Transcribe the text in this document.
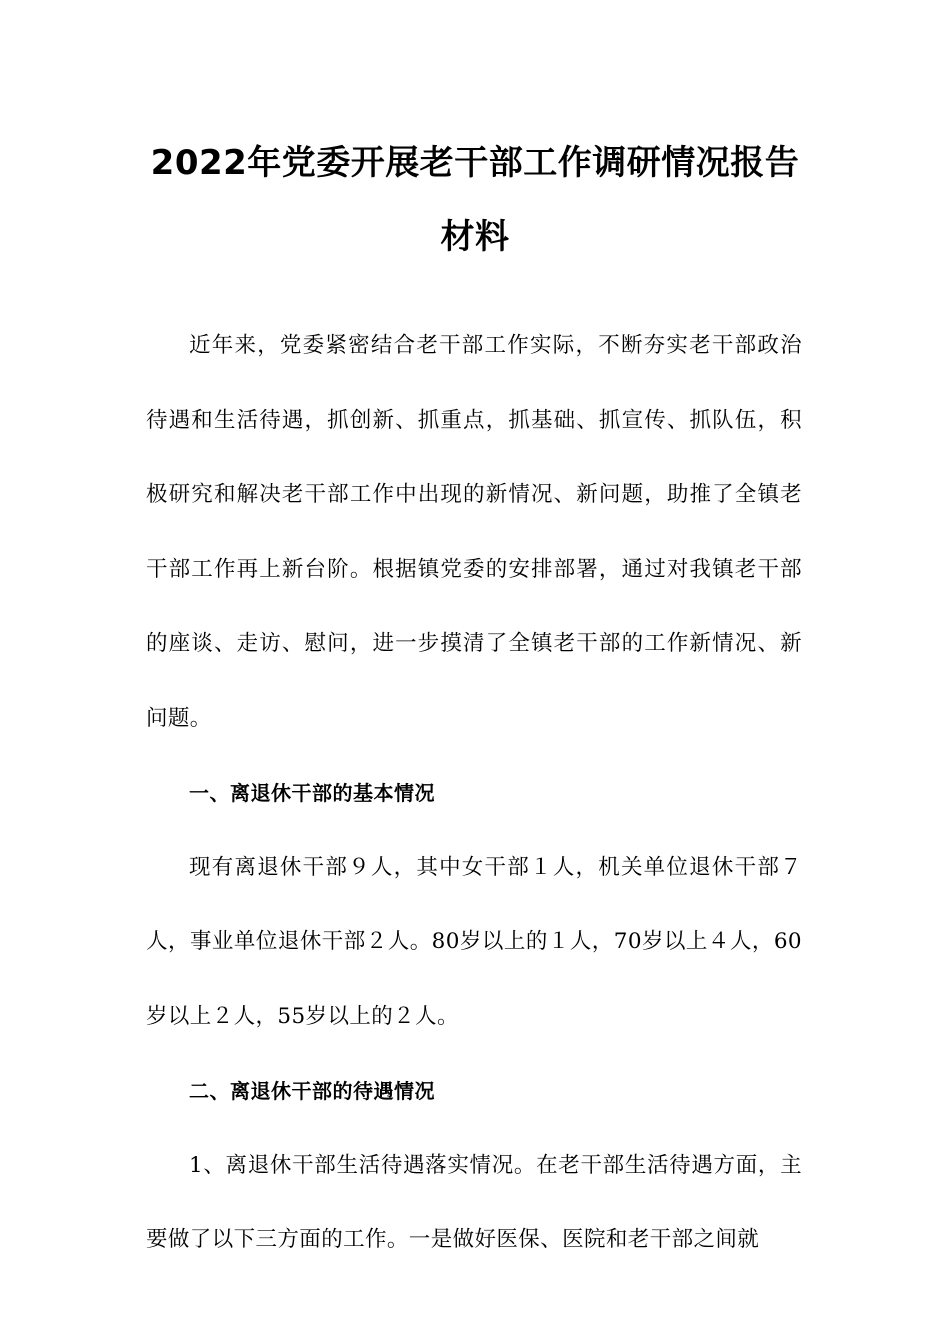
2022年党委开展老干部工作调研情况报告
材料

近年来，党委紧密结合老干部工作实际，不断夯实老干部政治待遇和生活待遇，抓创新、抓重点，抓基础、抓宣传、抓队伍，积极研究和解决老干部工作中出现的新情况、新问题，助推了全镇老干部工作再上新台阶。根据镇党委的安排部署，通过对我镇老干部的座谈、走访、慰问，进一步摸清了全镇老干部的工作新情况、新问题。

一、离退休干部的基本情况

现有离退休干部９人，其中女干部１人，机关单位退休干部７人，事业单位退休干部２人。80岁以上的１人，70岁以上４人，60岁以上２人，55岁以上的２人。

二、离退休干部的待遇情况

1、离退休干部生活待遇落实情况。在老干部生活待遇方面，主要做了以下三方面的工作。一是做好医保、医院和老干部之间就
